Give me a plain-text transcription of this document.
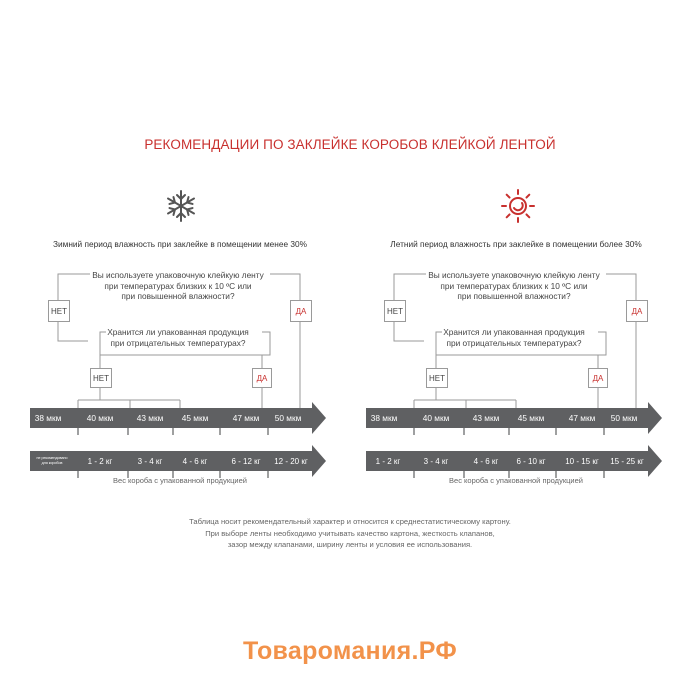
РЕКОМЕНДАЦИИ ПО ЗАКЛЕЙКЕ КОРОБОВ КЛЕЙКОЙ ЛЕНТОЙ
38 мкм	40 мкм	43 мкм 45 мкм	47 мкм 50 мкм
не рекомендовано для коробов	1 - 2 кг	3 - 4 кг	4 - 6 кг	6 - 12 кг 12 - 20 кг
Зимний период влажность при заклейке в помещении менее 30%
Вы используете упаковочную клейкую ленту
при температурах близких к 10 ºС или
при повышенной влажности?
Хранится ли упакованная продукция
при отрицательных температурах?
НЕТ	ДА
НЕТ	ДА
Вес короба с упакованной продукцией
38 мкм	40 мкм	43 мкм 45 мкм	47 мкм 50 мкм
1 - 2 кг	3 - 4 кг	4 - 6 кг 6 - 10 кг 10 - 15 кг 15 - 25 кг
Летний период влажность при заклейке в помещении более 30%
Вы используете упаковочную клейкую ленту
при температурах близких к 10 ºС или
при повышенной влажности?
Хранится ли упакованная продукция
при отрицательных температурах?
НЕТ	ДА
НЕТ	ДА
Вес короба с упакованной продукцией
Таблица носит рекомендательный характер и относится к среднестатистическому картону.
При выборе ленты необходимо учитывать качество картона, жесткость клапанов,
зазор между клапанами, ширину ленты и условия ее использования.
Товаромания.РФ
